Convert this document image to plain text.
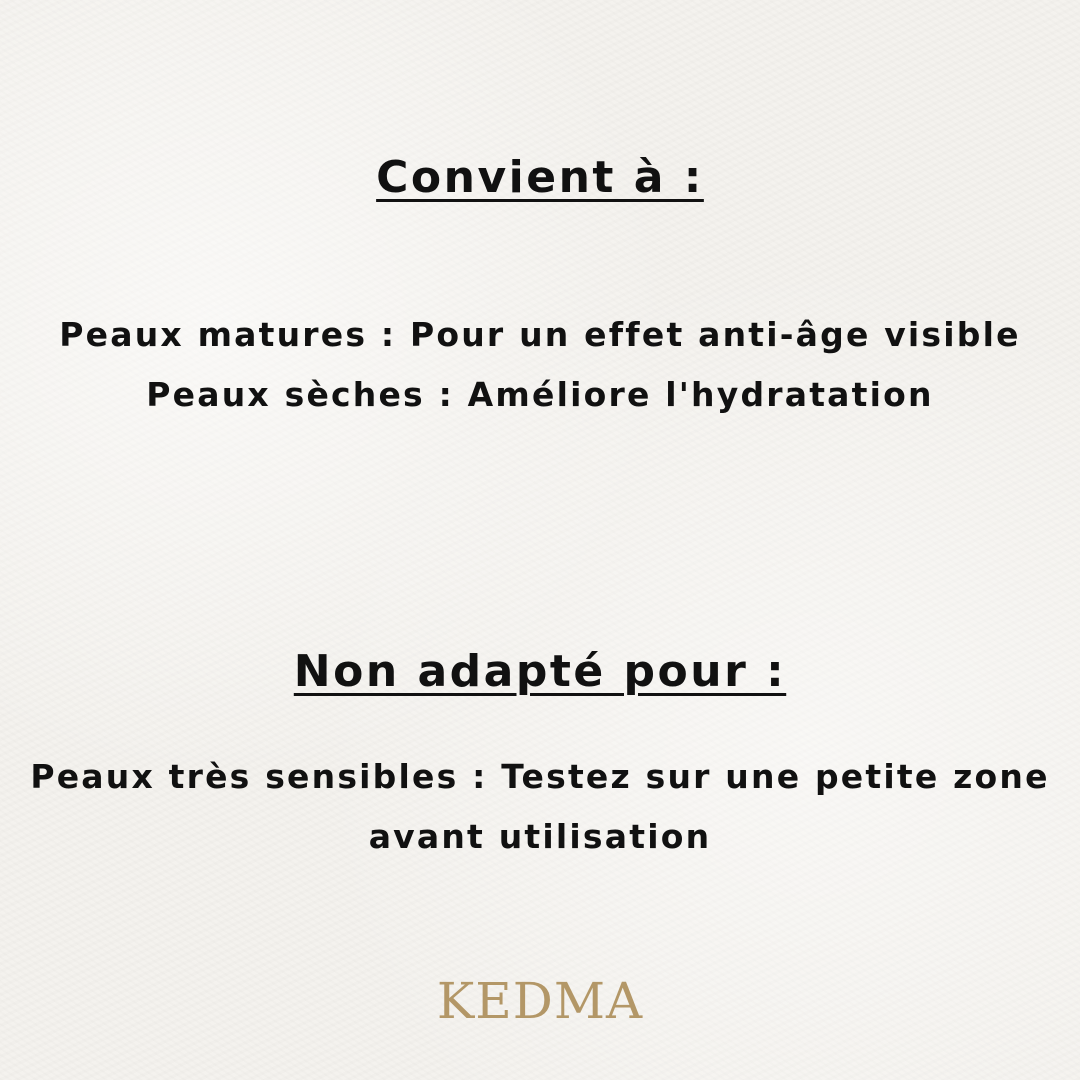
Convient à :

Peaux matures : Pour un effet anti-âge visible

Peaux sèches : Améliore l'hydratation

Non adapté pour :

Peaux très sensibles : Testez sur une petite zone

avant utilisation

KEDMA
